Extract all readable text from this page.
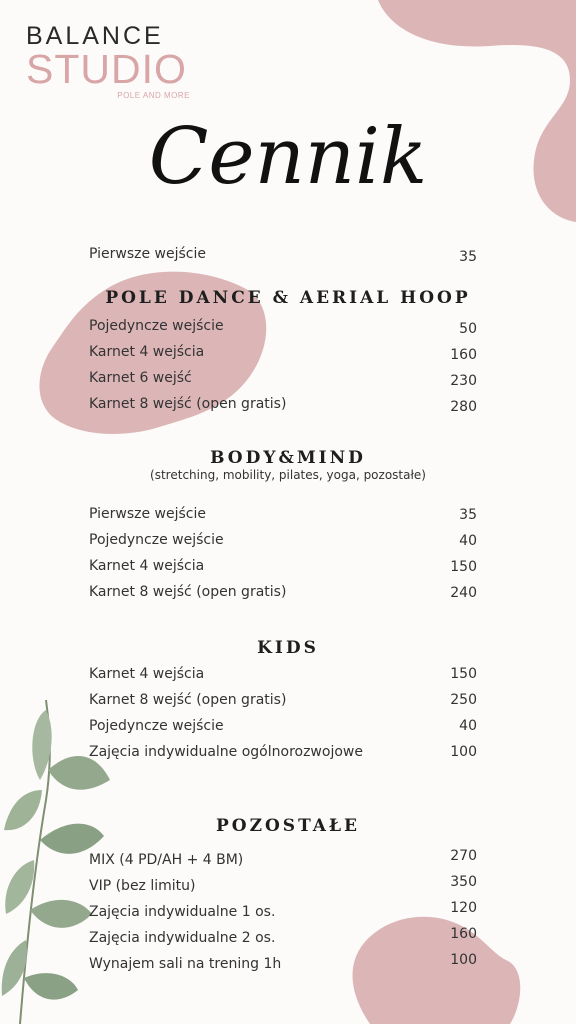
BALANCE
STUDIO
POLE AND MORE
Cennik
Pierwsze wejście	35
POLE DANCE & AERIAL HOOP
Pojedyncze wejście	50
Karnet 4 wejścia	160
Karnet 6 wejść	230
Karnet 8 wejść (open gratis)	280
BODY&MIND
(stretching, mobility, pilates, yoga, pozostałe)
Pierwsze wejście	35
Pojedyncze wejście	40
Karnet 4 wejścia	150
Karnet 8 wejść (open gratis)	240
KIDS
Karnet 4 wejścia	150
Karnet 8 wejść (open gratis)	250
Pojedyncze wejście	40
Zajęcia indywidualne ogólnorozwojowe	100
POZOSTAŁE
MIX (4 PD/AH + 4 BM)	270
VIP (bez limitu)	350
Zajęcia indywidualne 1 os.	120
Zajęcia indywidualne 2 os.	160
Wynajem sali na trening 1h	100
